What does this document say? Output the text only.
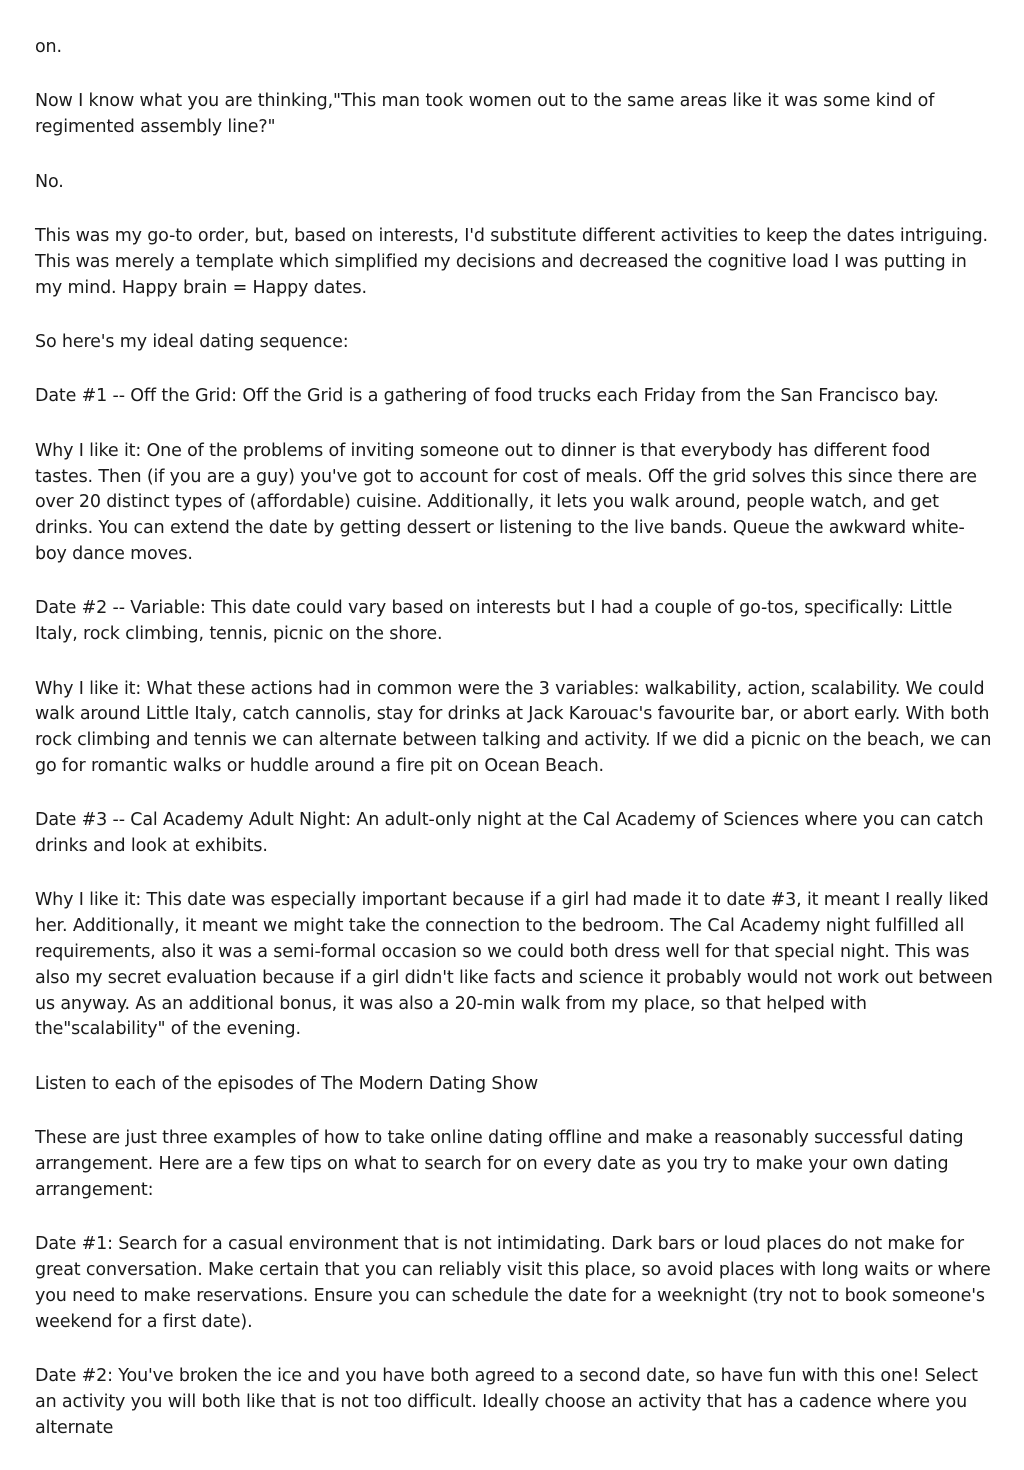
on.

Now I know what you are thinking,"This man took women out to the same areas like it was some kind of regimented assembly line?"

No.

This was my go-to order, but, based on interests, I'd substitute different activities to keep the dates intriguing. This was merely a template which simplified my decisions and decreased the cognitive load I was putting in my mind. Happy brain = Happy dates.

So here's my ideal dating sequence:

Date #1 -- Off the Grid: Off the Grid is a gathering of food trucks each Friday from the San Francisco bay.

Why I like it: One of the problems of inviting someone out to dinner is that everybody has different food tastes. Then (if you are a guy) you've got to account for cost of meals. Off the grid solves this since there are over 20 distinct types of (affordable) cuisine. Additionally, it lets you walk around, people watch, and get drinks. You can extend the date by getting dessert or listening to the live bands. Queue the awkward white-boy dance moves.

Date #2 -- Variable: This date could vary based on interests but I had a couple of go-tos, specifically: Little Italy, rock climbing, tennis, picnic on the shore.

Why I like it: What these actions had in common were the 3 variables: walkability, action, scalability. We could walk around Little Italy, catch cannolis, stay for drinks at Jack Karouac's favourite bar, or abort early. With both rock climbing and tennis we can alternate between talking and activity. If we did a picnic on the beach, we can go for romantic walks or huddle around a fire pit on Ocean Beach.

Date #3 -- Cal Academy Adult Night: An adult-only night at the Cal Academy of Sciences where you can catch drinks and look at exhibits.

Why I like it: This date was especially important because if a girl had made it to date #3, it meant I really liked her. Additionally, it meant we might take the connection to the bedroom. The Cal Academy night fulfilled all requirements, also it was a semi-formal occasion so we could both dress well for that special night. This was also my secret evaluation because if a girl didn't like facts and science it probably would not work out between us anyway. As an additional bonus, it was also a 20-min walk from my place, so that helped with the"scalability" of the evening.

Listen to each of the episodes of The Modern Dating Show

These are just three examples of how to take online dating offline and make a reasonably successful dating arrangement. Here are a few tips on what to search for on every date as you try to make your own dating arrangement:

Date #1: Search for a casual environment that is not intimidating. Dark bars or loud places do not make for great conversation. Make certain that you can reliably visit this place, so avoid places with long waits or where you need to make reservations. Ensure you can schedule the date for a weeknight (try not to book someone's weekend for a first date).

Date #2: You've broken the ice and you have both agreed to a second date, so have fun with this one! Select an activity you will both like that is not too difficult. Ideally choose an activity that has a cadence where you alternate
